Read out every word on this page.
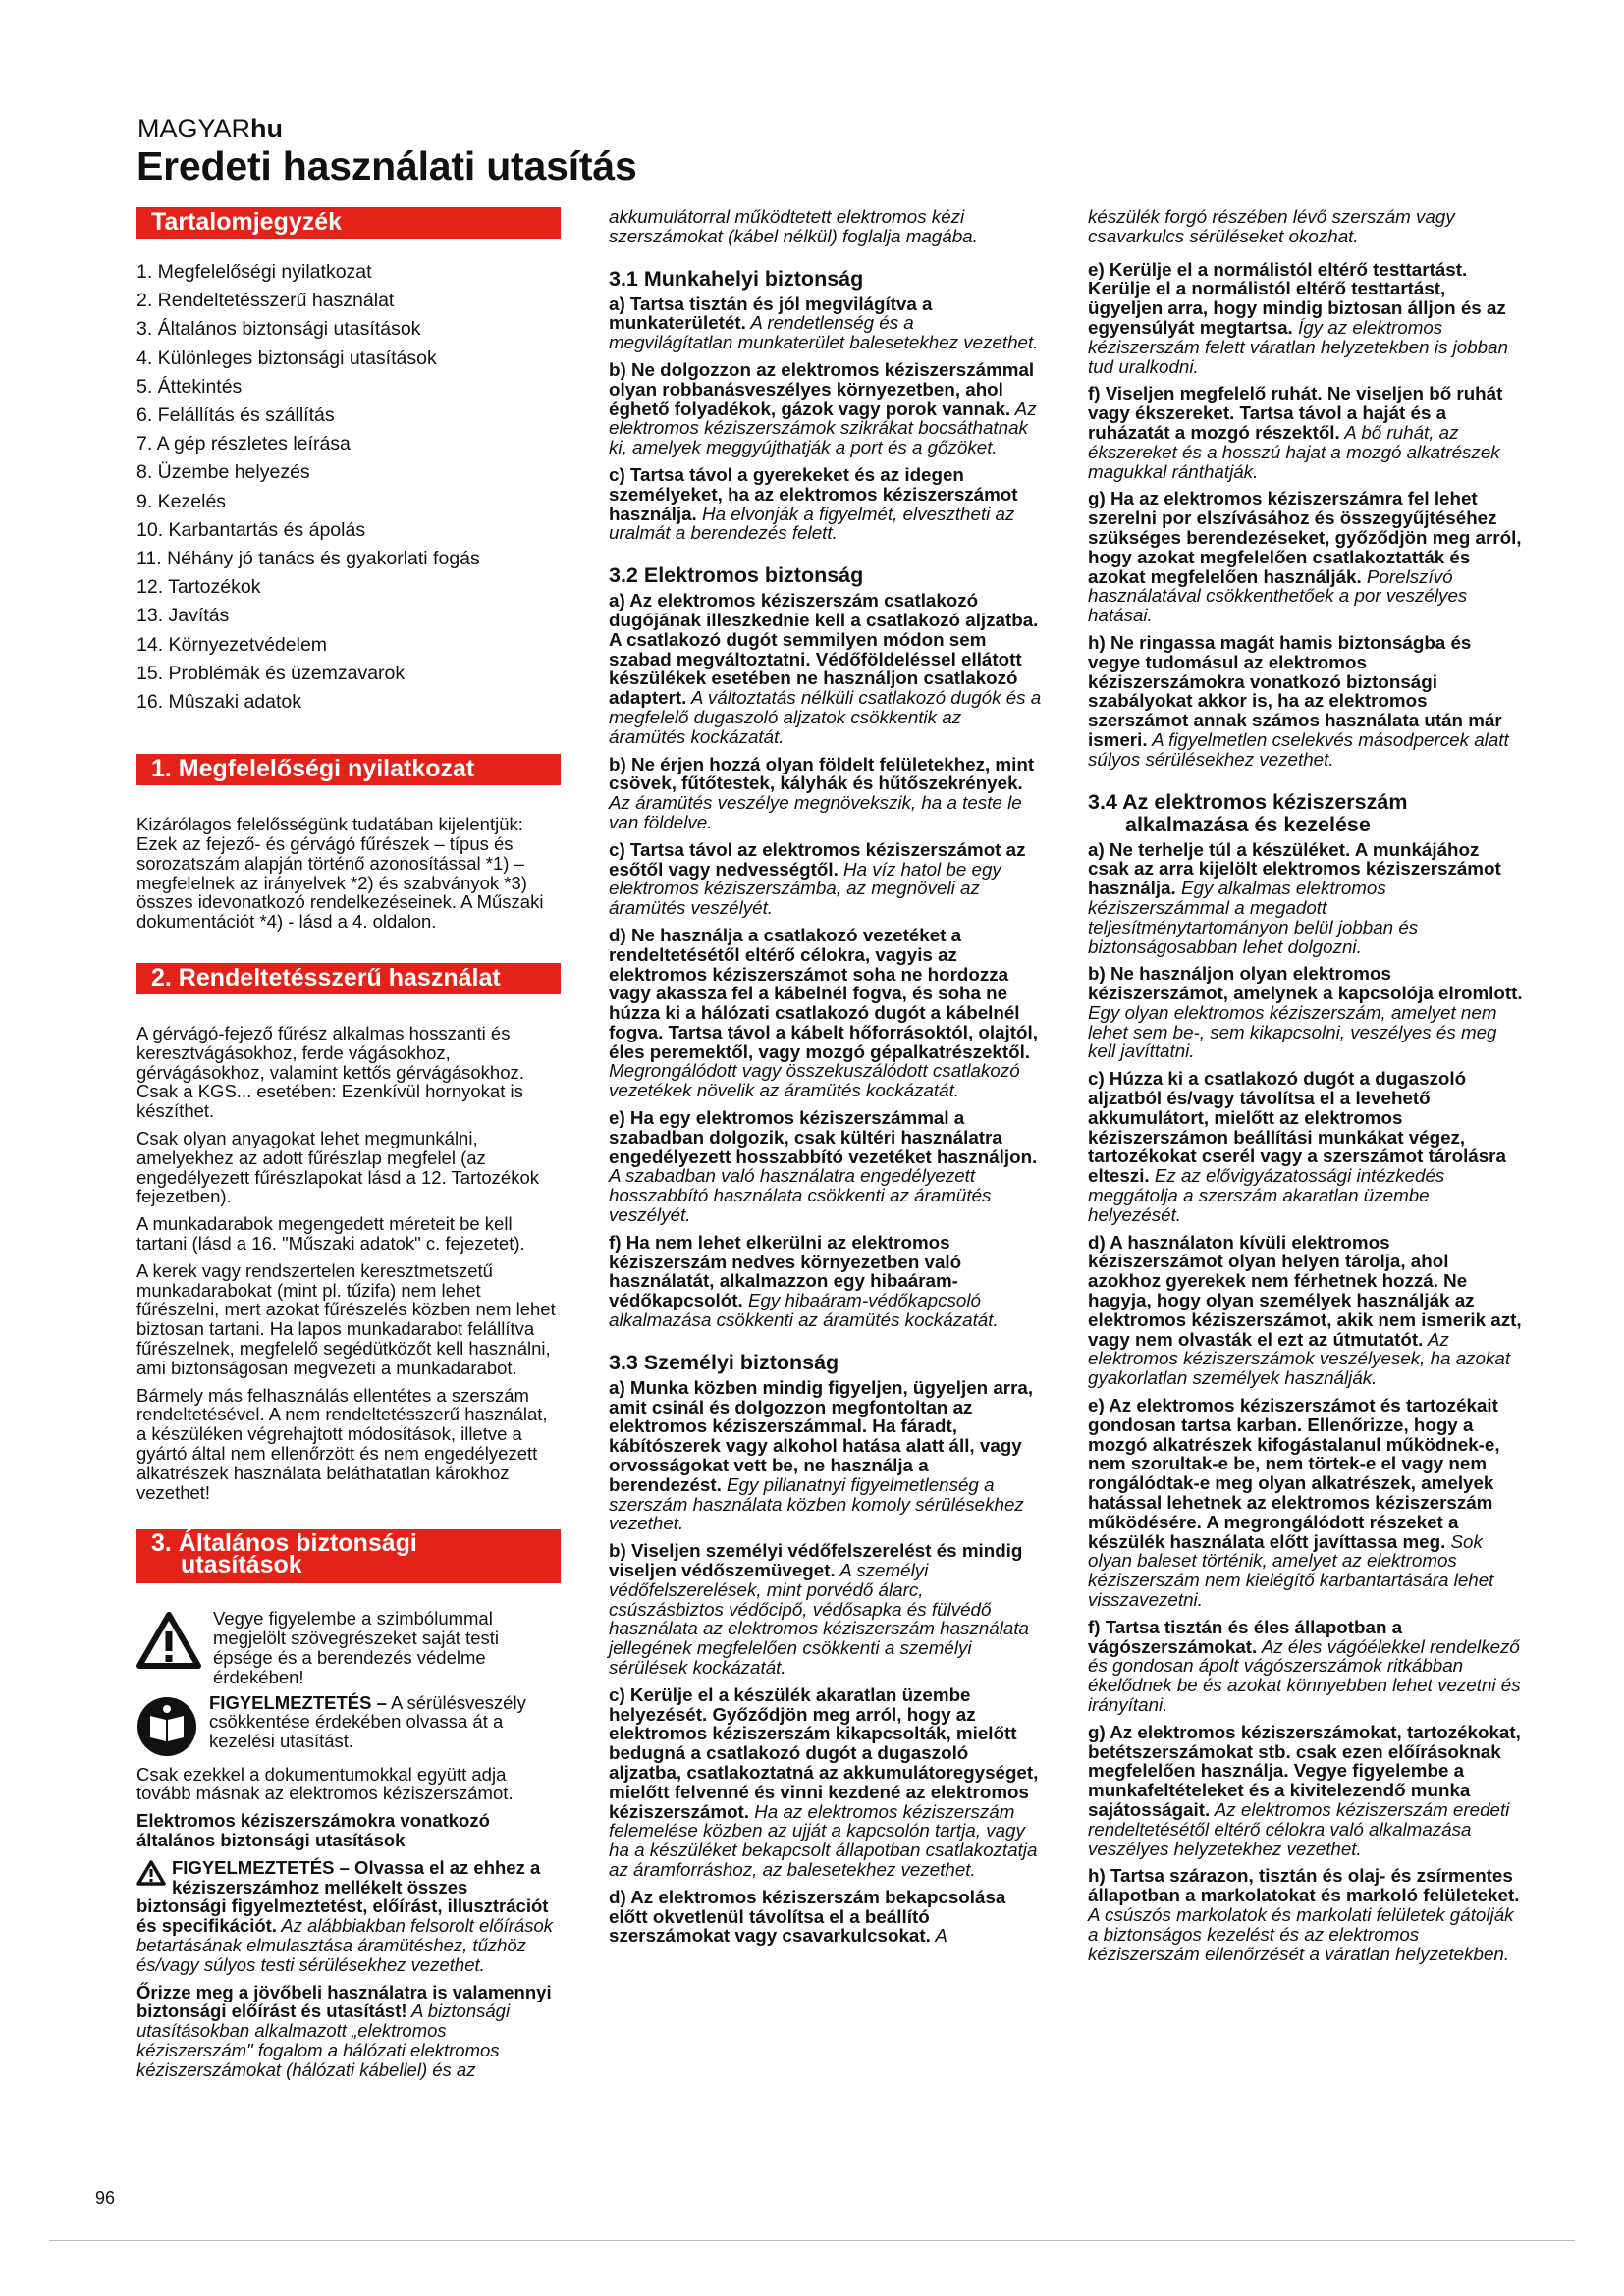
MAGYARhu
Eredeti használati utasítás
Tartalomjegyzék
1. Megfelelőségi nyilatkozat
2. Rendeltetésszerű használat
3. Általános biztonsági utasítások
4. Különleges biztonsági utasítások
5. Áttekintés
6. Felállítás és szállítás
7. A gép részletes leírása
8. Üzembe helyezés
9. Kezelés
10. Karbantartás és ápolás
11. Néhány jó tanács és gyakorlati fogás
12. Tartozékok
13. Javítás
14. Környezetvédelem
15. Problémák és üzemzavarok
16. Mûszaki adatok
1. Megfelelőségi nyilatkozat

Kizárólagos felelősségünk tudatában kijelentjük: Ezek az fejező- és gérvágó fűrészek – típus és sorozatszám alapján történő azonosítással *1) – megfelelnek az irányelvek *2) és szabványok *3) összes idevonatkozó rendelkezéseinek. A Műszaki dokumentációt *4) - lásd a 4. oldalon.

2. Rendeltetésszerű használat

A gérvágó-fejező fűrész alkalmas hosszanti és keresztvágásokhoz, ferde vágásokhoz, gérvágásokhoz, valamint kettős gérvágásokhoz. Csak a KGS... esetében: Ezenkívül hornyokat is készíthet.

Csak olyan anyagokat lehet megmunkálni, amelyekhez az adott fűrészlap megfelel (az engedélyezett fűrészlapokat lásd a 12. Tartozékok fejezetben).

A munkadarabok megengedett méreteit be kell tartani (lásd a 16. "Műszaki adatok" c. fejezetet).

A kerek vagy rendszertelen keresztmetszetű munkadarabokat (mint pl. tűzifa) nem lehet fűrészelni, mert azokat fűrészelés közben nem lehet biztosan tartani. Ha lapos munkadarabot felállítva fűrészelnek, megfelelő segédütközőt kell használni, ami biztonságosan megvezeti a munkadarabot.

Bármely más felhasználás ellentétes a szerszám rendeltetésével. A nem rendeltetésszerű használat, a készüléken végrehajtott módosítások, illetve a gyártó által nem ellenőrzött és nem engedélyezett alkatrészek használata beláthatatlan károkhoz vezethet!

3. Általános biztonsági
utasítások

Vegye figyelembe a szimbólummal megjelölt szövegrészeket saját testi épsége és a berendezés védelme érdekében!

FIGYELMEZTETÉS – A sérülésveszély csökkentése érdekében olvassa át a kezelési utasítást.

Csak ezekkel a dokumentumokkal együtt adja tovább másnak az elektromos kéziszerszámot.

Elektromos kéziszerszámokra vonatkozó általános biztonsági utasítások

FIGYELMEZTETÉS – Olvassa el az ehhez a kéziszerszámhoz mellékelt összes biztonsági figyelmeztetést, előírást, illusztrációt és specifikációt. Az alábbiakban felsorolt előírások betartásának elmulasztása áramütéshez, tűzhöz és/vagy súlyos testi sérülésekhez vezethet.

Őrizze meg a jövőbeli használatra is valamennyi biztonsági előírást és utasítást! A biztonsági utasításokban alkalmazott „elektromos kéziszerszám" fogalom a hálózati elektromos kéziszerszámokat (hálózati kábellel) és az

akkumulátorral működtetett elektromos kézi szerszámokat (kábel nélkül) foglalja magába.

3.1 Munkahelyi biztonság

a) Tartsa tisztán és jól megvilágítva a munkaterületét. A rendetlenség és a megvilágítatlan munkaterület balesetekhez vezethet.

b) Ne dolgozzon az elektromos kéziszerszámmal olyan robbanásveszélyes környezetben, ahol éghető folyadékok, gázok vagy porok vannak. Az elektromos kéziszerszámok szikrákat bocsáthatnak ki, amelyek meggyújthatják a port és a gőzöket.

c) Tartsa távol a gyerekeket és az idegen személyeket, ha az elektromos kéziszerszámot használja. Ha elvonják a figyelmét, elvesztheti az uralmát a berendezés felett.

3.2 Elektromos biztonság

a) Az elektromos kéziszerszám csatlakozó dugójának illeszkednie kell a csatlakozó aljzatba. A csatlakozó dugót semmilyen módon sem szabad megváltoztatni. Védőföldeléssel ellátott készülékek esetében ne használjon csatlakozó adaptert. A változtatás nélküli csatlakozó dugók és a megfelelő dugaszoló aljzatok csökkentik az áramütés kockázatát.

b) Ne érjen hozzá olyan földelt felületekhez, mint csövek, fűtőtestek, kályhák és hűtőszekrények. Az áramütés veszélye megnövekszik, ha a teste le van földelve.

c) Tartsa távol az elektromos kéziszerszámot az esőtől vagy nedvességtől. Ha víz hatol be egy elektromos kéziszerszámba, az megnöveli az áramütés veszélyét.

d) Ne használja a csatlakozó vezetéket a rendeltetésétől eltérő célokra, vagyis az elektromos kéziszerszámot soha ne hordozza vagy akassza fel a kábelnél fogva, és soha ne húzza ki a hálózati csatlakozó dugót a kábelnél fogva. Tartsa távol a kábelt hőforrásoktól, olajtól, éles peremektől, vagy mozgó gépalkatrészektől. Megrongálódott vagy összekuszálódott csatlakozó vezetékek növelik az áramütés kockázatát.

e) Ha egy elektromos kéziszerszámmal a szabadban dolgozik, csak kültéri használatra engedélyezett hosszabbító vezetéket használjon. A szabadban való használatra engedélyezett hosszabbító használata csökkenti az áramütés veszélyét.

f) Ha nem lehet elkerülni az elektromos kéziszerszám nedves környezetben való használatát, alkalmazzon egy hibaáram-védőkapcsolót. Egy hibaáram-védőkapcsoló alkalmazása csökkenti az áramütés kockázatát.

3.3 Személyi biztonság

a) Munka közben mindig figyeljen, ügyeljen arra, amit csinál és dolgozzon megfontoltan az elektromos kéziszerszámmal. Ha fáradt, kábítószerek vagy alkohol hatása alatt áll, vagy orvosságokat vett be, ne használja a berendezést. Egy pillanatnyi figyelmetlenség a szerszám használata közben komoly sérülésekhez vezethet.

b) Viseljen személyi védőfelszerelést és mindig viseljen védőszemüveget. A személyi védőfelszerelések, mint porvédő álarc, csúszásbiztos védőcipő, védősapka és fülvédő használata az elektromos kéziszerszám használata jellegének megfelelően csökkenti a személyi sérülések kockázatát.

c) Kerülje el a készülék akaratlan üzembe helyezését. Győződjön meg arról, hogy az elektromos kéziszerszám kikapcsolták, mielőtt bedugná a csatlakozó dugót a dugaszoló aljzatba, csatlakoztatná az akkumulátoregységet, mielőtt felvenné és vinni kezdené az elektromos kéziszerszámot. Ha az elektromos kéziszerszám felemelése közben az ujját a kapcsolón tartja, vagy ha a készüléket bekapcsolt állapotban csatlakoztatja az áramforráshoz, az balesetekhez vezethet.

d) Az elektromos kéziszerszám bekapcsolása előtt okvetlenül távolítsa el a beállító szerszámokat vagy csavarkulcsokat. A

készülék forgó részében lévő szerszám vagy csavarkulcs sérüléseket okozhat.

e) Kerülje el a normálistól eltérő testtartást. Kerülje el a normálistól eltérő testtartást, ügyeljen arra, hogy mindig biztosan álljon és az egyensúlyát megtartsa. Így az elektromos kéziszerszám felett váratlan helyzetekben is jobban tud uralkodni.

f) Viseljen megfelelő ruhát. Ne viseljen bő ruhát vagy ékszereket. Tartsa távol a haját és a ruházatát a mozgó részektől. A bő ruhát, az ékszereket és a hosszú hajat a mozgó alkatrészek magukkal ránthatják.

g) Ha az elektromos kéziszerszámra fel lehet szerelni por elszívásához és összegyűjtéséhez szükséges berendezéseket, győződjön meg arról, hogy azokat megfelelően csatlakoztatták és azokat megfelelően használják. Porelszívó használatával csökkenthetőek a por veszélyes hatásai.

h) Ne ringassa magát hamis biztonságba és vegye tudomásul az elektromos kéziszerszámokra vonatkozó biztonsági szabályokat akkor is, ha az elektromos szerszámot annak számos használata után már ismeri. A figyelmetlen cselekvés másodpercek alatt súlyos sérülésekhez vezethet.

3.4 Az elektromos kéziszerszám
alkalmazása és kezelése

a) Ne terhelje túl a készüléket. A munkájához csak az arra kijelölt elektromos kéziszerszámot használja. Egy alkalmas elektromos kéziszerszámmal a megadott teljesítménytartományon belül jobban és biztonságosabban lehet dolgozni.

b) Ne használjon olyan elektromos kéziszerszámot, amelynek a kapcsolója elromlott. Egy olyan elektromos kéziszerszám, amelyet nem lehet sem be-, sem kikapcsolni, veszélyes és meg kell javíttatni.

c) Húzza ki a csatlakozó dugót a dugaszoló aljzatból és/vagy távolítsa el a levehető akkumulátort, mielőtt az elektromos kéziszerszámon beállítási munkákat végez, tartozékokat cserél vagy a szerszámot tárolásra elteszi. Ez az elővigyázatossági intézkedés meggátolja a szerszám akaratlan üzembe helyezését.

d) A használaton kívüli elektromos kéziszerszámot olyan helyen tárolja, ahol azokhoz gyerekek nem férhetnek hozzá. Ne hagyja, hogy olyan személyek használják az elektromos kéziszerszámot, akik nem ismerik azt, vagy nem olvasták el ezt az útmutatót. Az elektromos kéziszerszámok veszélyesek, ha azokat gyakorlatlan személyek használják.

e) Az elektromos kéziszerszámot és tartozékait gondosan tartsa karban. Ellenőrizze, hogy a mozgó alkatrészek kifogástalanul működnek-e, nem szorultak-e be, nem törtek-e el vagy nem rongálódtak-e meg olyan alkatrészek, amelyek hatással lehetnek az elektromos kéziszerszám működésére. A megrongálódott részeket a készülék használata előtt javíttassa meg. Sok olyan baleset történik, amelyet az elektromos kéziszerszám nem kielégítő karbantartására lehet visszavezetni.

f) Tartsa tisztán és éles állapotban a vágószerszámokat. Az éles vágóélekkel rendelkező és gondosan ápolt vágószerszámok ritkábban ékelődnek be és azokat könnyebben lehet vezetni és irányítani.

g) Az elektromos kéziszerszámokat, tartozékokat, betétszerszámokat stb. csak ezen előírásoknak megfelelően használja. Vegye figyelembe a munkafeltételeket és a kivitelezendő munka sajátosságait. Az elektromos kéziszerszám eredeti rendeltetésétől eltérő célokra való alkalmazása veszélyes helyzetekhez vezethet.

h) Tartsa szárazon, tisztán és olaj- és zsírmentes állapotban a markolatokat és markoló felületeket. A csúszós markolatok és markolati felületek gátolják a biztonságos kezelést és az elektromos kéziszerszám ellenőrzését a váratlan helyzetekben.

96
